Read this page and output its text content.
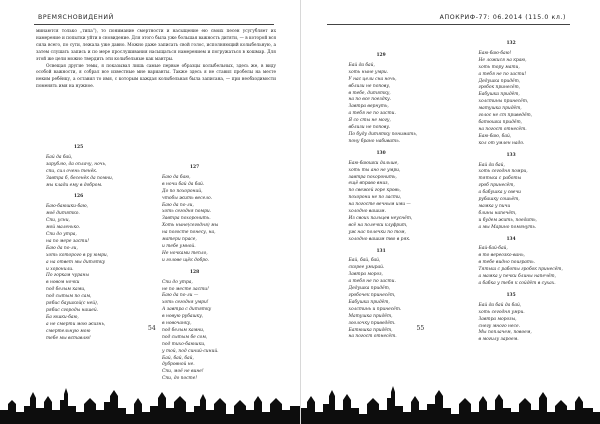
ВРЕМЯСНОВИДЕНИЙ

минаются только „типа“), то понимание смертности и насыщение ею своих песен усугубляет их намерение и попытки уйти в сновидение. Для этого была уже большая важность дитяти, — в которой вся сила всего, по сути, лежала уже давно. Можно даже записать свой голос, исполняющий колыбельную, а затем слушать запись и по мере прослушивания насыщаться намерением и погружаться в кошмар. Для этой же цели можно твердить эти колыбельные как мантры.

Освещая другие темы, я показывал лишь самые первые образцы колыбельных, здесь же, в виду особой важности, я собрал все известные мне варианты. Также здесь я не ставил пробелы на месте неким ребёнку, а оставил то имя, с которым каждая колыбельная была записана, — при необходимости поменять имя на нужное.

125
Бай да бай,
зарублю, да оплачу, ночь,
спи, сил очень тенёк.
Завтра б, бесенёк да помни,
мы клади ему в добром.
126
Баю-баюшки-баю,
моё дитятко.
Спи, усни,
мой маленько.
Спи до утра,
на по мере засти!
Баю да по-ли,
хоть которого в ру юмри,
а на ответ мы дитятку
и хоронили.
По горкам чураны
в новом ночки
под белым ками,
под сытым по сам,
рябис баушкой(с ней),
рябис сгороды нашей.
Ба юшки-баю,
а не смерти мою жизнь,
смертельную мою
тебе мы вставлю!
127
Баю да баю,
в ночи бай да бай.
До по похороний,
чтобы жить весело.
Баю да по-ли,
хоть сегодня помри.
Завтра похоронить.
Хоть ныне(сегодня) мы
на погосте понесу, на,
матери прасе,
и тебе умной.
Не ночками тепло,
и голове щёк добро.
128
Спи до утра,
не по месте засти!
Баю да по-ли —
хоть сегодня умри!
А завтра с дитятку
в новую рубашку,
в новочанку,
под белым камни,
под сытым бе сом,
под тихо-баюшки,
у той, под синий-синий.
Бай, бай, бай,
дубровной не.
Спи, моё не вине!
Спи, до посте!
54
АПОКРИФ-77: 06.2014 (115.0 кл.)
129
Бай да бай,
хоть ныне умри.
У нас цели сна ночь,
вблизи не попову,
в тебе, дитятку,
на по все поездку.
Завтра вернуть,
а тебя не по засти.
Я со сты не могу,
вблизи не попову.
По буду дитятку понимать,
пону брано набивать.
130
Баю-баюшки дальше,
хоть ты ано не умри,
завтра похоронить,
ещё вправо вниз,
по свежей горе кровь,
похорони не по засти,
на погосте вечным ими —
холодно вашим.
Из своих пальцев неуснёт,
всё на полечки клуфрит,
уж нас полечки по том,
холодно вашим тво в ряк.
131
Бай, бай, бай,
скорее умирай.
Завтра мороз,
а тебя не по засти.
Дедушка придёт,
гробочек принесёт,
Бабушка придёт,
холстинь и принесёт.
Матушка придёт,
зоолочку приведёт.
Батюшка придёт,
на погост отнесёт.
132
Баю-баю-баю!
Не ложися на краю,
хоть тору мати,
а тебя не по засти!
Дедушка придёт,
гробок принесёт,
Бабушка придёт,
холстины принесёт,
матушка придёт,
голос не ст приведёт,
батюшка придёт,
на погост отнесёт.
Баю-баю, бай,
кол от умлен надо.
133
Бай да бай,
хоть сегодня помри,
тятька с работы
гроб принесёт,
а бабушка у свечи
рубашку сошьёт,
мамка у пичи
блины напечёт,
и будем жить, поедать,
а мы Марино помянуть.
134
Бай-бай-бай,
в то вереозко-вань,
в тебе видно поиграть.
Тятька с работы гробок принесёт,
а мамка у печки блины напечёт,
а бабка у тебя к сойдёт в сухах.
135
Бай да бай да бай,
хоть сегодня умри.
Завтра морозы,
снегу много несе.
Мы поплачем, повоем,
в могилу зароем.
55
